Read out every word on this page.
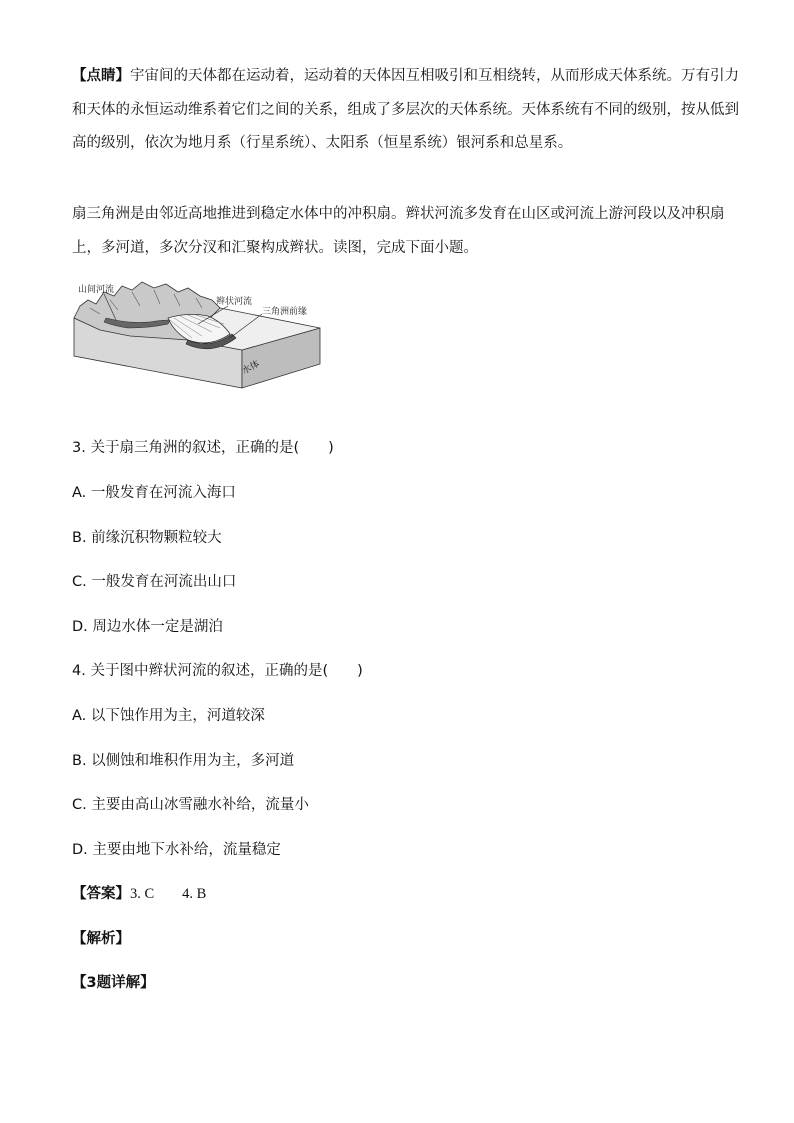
【点睛】宇宙间的天体都在运动着，运动着的天体因互相吸引和互相绕转，从而形成天体系统。万有引力
和天体的永恒运动维系着它们之间的关系，组成了多层次的天体系统。天体系统有不同的级别，按从低到
高的级别，依次为地月系（行星系统）、太阳系（恒星系统）银河系和总星系。
扇三角洲是由邻近高地推进到稳定水体中的冲积扇。辫状河流多发育在山区或河流上游河段以及冲积扇
上，多河道，多次分汊和汇聚构成辫状。读图，完成下面小题。
山间河流
辫状河流
三角洲前缘
水体
3. 关于扇三角洲的叙述，正确的是(　　)
A. 一般发育在河流入海口
B. 前缘沉积物颗粒较大
C. 一般发育在河流出山口
D. 周边水体一定是湖泊
4. 关于图中辫状河流的叙述，正确的是(　　)
A. 以下蚀作用为主，河道较深
B. 以侧蚀和堆积作用为主，多河道
C. 主要由高山冰雪融水补给，流量小
D. 主要由地下水补给，流量稳定
【答案】3. C 4. B
【解析】
【3题详解】
